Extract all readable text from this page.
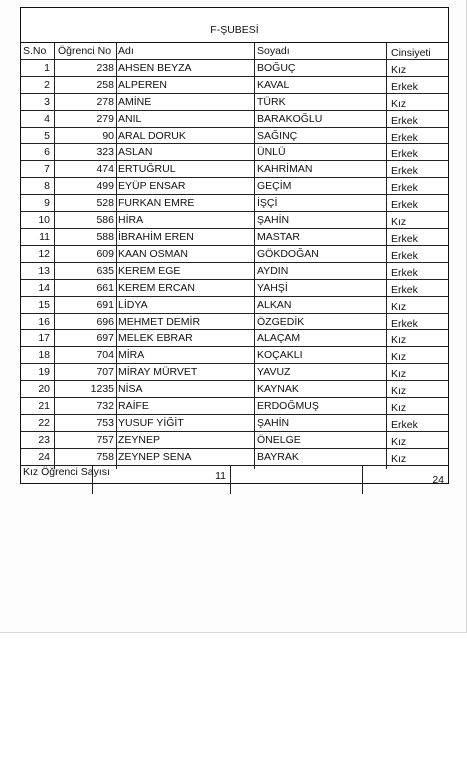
F-ŞUBESİ
S.No	Öğrenci No Adı	Soyadı	Cinsiyeti
1	238 AHSEN BEYZA	BOĞUÇ	Kız
2	258 ALPEREN	KAVAL	Erkek
3	278 AMİNE	TÜRK	Kız
4	279 ANIL	BARAKOĞLU	Erkek
5	90 ARAL DORUK	SAĞINÇ	Erkek
6	323 ASLAN	ÜNLÜ	Erkek
7	474 ERTUĞRUL	KAHRİMAN	Erkek
8	499 EYÜP ENSAR	GEÇİM	Erkek
9	528 FURKAN EMRE	İŞÇİ	Erkek
10	586 HİRA	ŞAHİN	Kız
11	588 İBRAHİM EREN	MASTAR	Erkek
12	609 KAAN OSMAN	GÖKDOĞAN	Erkek
13	635 KEREM EGE	AYDIN	Erkek
14	661 KEREM ERCAN	YAHŞİ	Erkek
15	691 LİDYA	ALKAN	Kız
16	696 MEHMET DEMİR	ÖZGEDİK	Erkek
17	697 MELEK EBRAR	ALAÇAM	Kız
18	704 MİRA	KOÇAKLI	Kız
19	707 MİRAY MÜRVET	YAVUZ	Kız
20	1235 NİSA	KAYNAK	Kız
21	732 RAİFE	ERDOĞMUŞ	Kız
22	753 YUSUF YİĞİT	ŞAHİN	Erkek
23	757 ZEYNEP	ÖNELGE	Kız
24	758 ZEYNEP SENA	BAYRAK	Kız
Kız Öğrenci Sayısı	11	24
